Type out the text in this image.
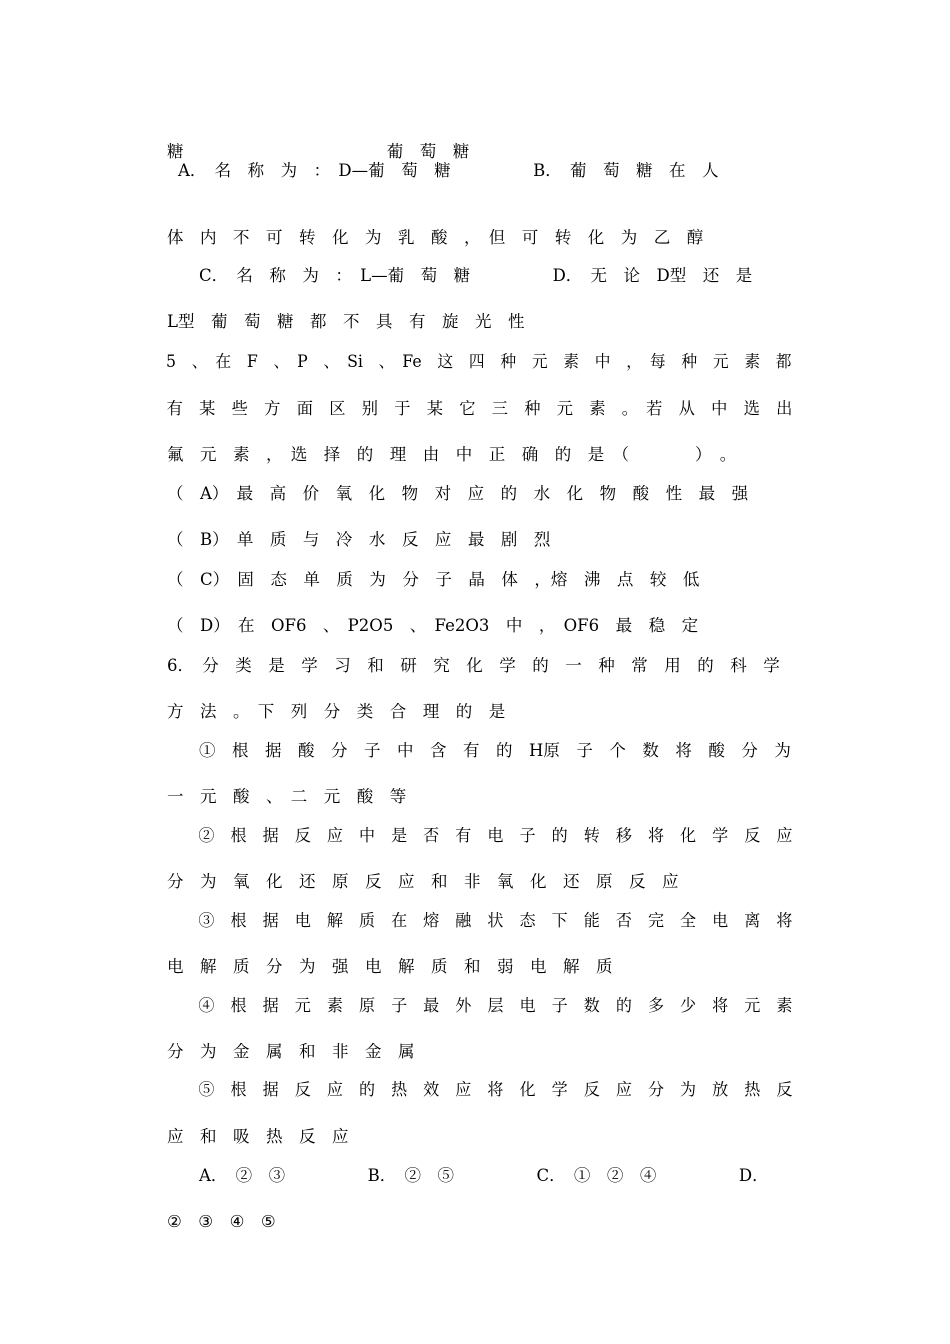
糖　　　　　　　　　　　　 葡　萄　糖

A．　名　称　为　：　D—葡　萄　糖　　　　　B．　葡　萄　糖　在　人

体　内　不　可　转　化　为　乳　酸　，　但　可　转　化　为　乙　醇

C．　名　称　为　：　L—葡　萄　糖　　　　　D．　无　论　D型　还　是

L型　葡　萄　糖　都　不　具　有　旋　光　性

5　、　在　F　、　P　、　Si　、　Fe　这　四　种　元　素　中　，　每　种　元　素　都

有　某　些　方　面　区　别　于　某　它　三　种　元　素　。　若　从　中　选　出

氟　元　素　，　选　择　的　理　由　中　正　确　的　是　（　　　　）　。

（　A）　最　高　价　氧　化　物　对　应　的　水　化　物　酸　性　最　强

（　B）　单　质　与　冷　水　反　应　最　剧　烈

（　C）　固　态　单　质　为　分　子　晶　体　，熔　沸　点　较　低

（　D）　在　OF6　、　P2O5　、　Fe2O3　中　，　OF6　最　稳　定

6．　分　类　是　学　习　和　研　究　化　学　的　一　种　常　用　的　科　学

方　法　。　下　列　分　类　合　理　的　是

①　根　据　酸　分　子　中　含　有　的　H原　子　个　数　将　酸　分　为

一　元　酸　、　二　元　酸　等

②　根　据　反　应　中　是　否　有　电　子　的　转　移　将　化　学　反　应

分　为　氧　化　还　原　反　应　和　非　氧　化　还　原　反　应

③　根　据　电　解　质　在　熔　融　状　态　下　能　否　完　全　电　离　将

电　解　质　分　为　强　电　解　质　和　弱　电　解　质

④　根　据　元　素　原　子　最　外　层　电　子　数　的　多　少　将　元　素

分　为　金　属　和　非　金　属

⑤　根　据　反　应　的　热　效　应　将　化　学　反　应　分　为　放　热　反

应　和　吸　热　反　应

A．　②　③　　　　　B．　②　⑤　　　　　C．　①　②　④　　　　　D．

②　③　④　⑤
